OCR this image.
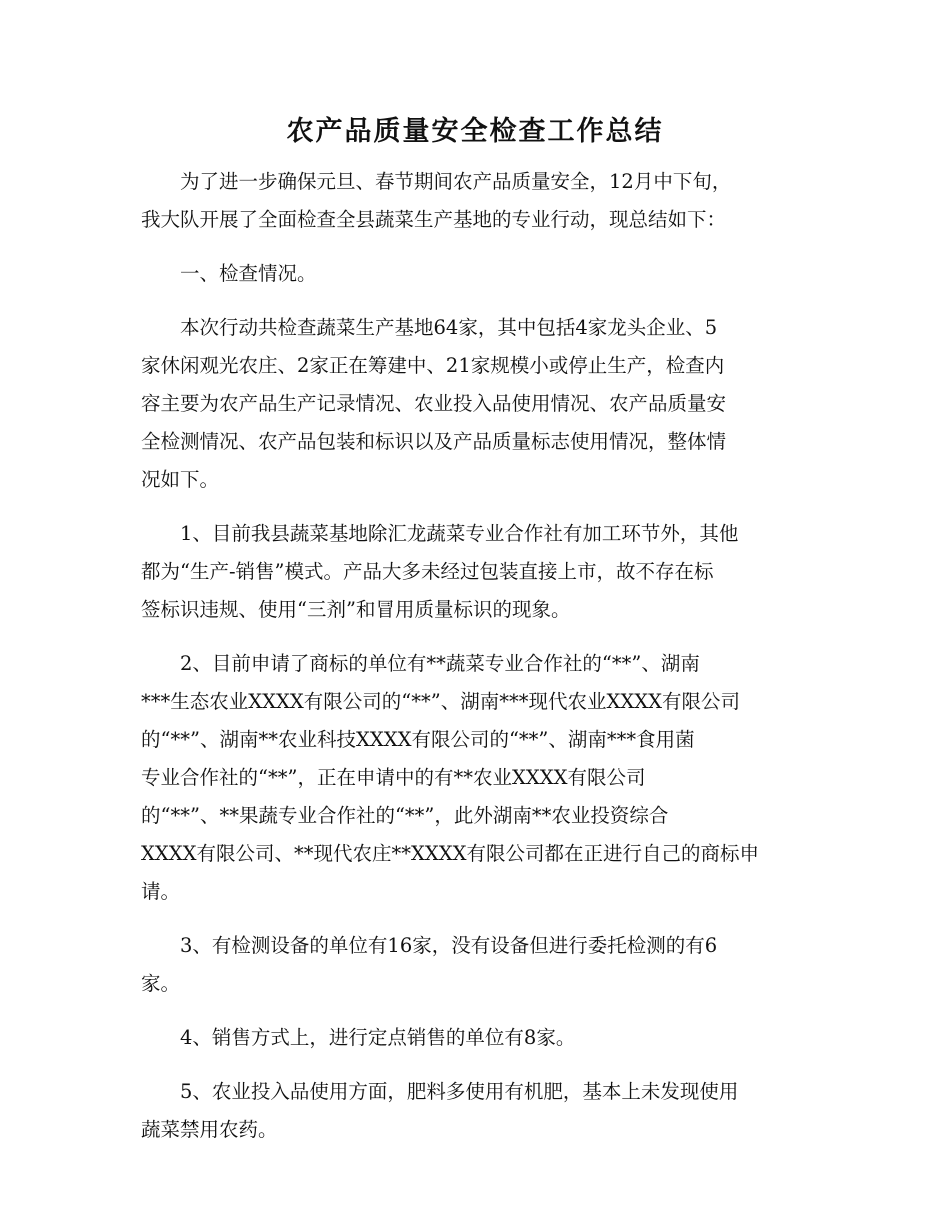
农产品质量安全检查工作总结

为了进一步确保元旦、春节期间农产品质量安全，12月中下旬，
我大队开展了全面检查全县蔬菜生产基地的专业行动，现总结如下：

一、检查情况。

本次行动共检查蔬菜生产基地64家，其中包括4家龙头企业、5
家休闲观光农庄、2家正在筹建中、21家规模小或停止生产，检查内
容主要为农产品生产记录情况、农业投入品使用情况、农产品质量安
全检测情况、农产品包装和标识以及产品质量标志使用情况，整体情
况如下。

1、目前我县蔬菜基地除汇龙蔬菜专业合作社有加工环节外，其他
都为“生产-销售”模式。产品大多未经过包装直接上市，故不存在标
签标识违规、使用“三剂”和冒用质量标识的现象。

2、目前申请了商标的单位有**蔬菜专业合作社的“**”、湖南
***生态农业XXXX有限公司的“**”、湖南***现代农业XXXX有限公司
的“**”、湖南**农业科技XXXX有限公司的“**”、湖南***食用菌
专业合作社的“**”，正在申请中的有**农业XXXX有限公司
的“**”、**果蔬专业合作社的“**”，此外湖南**农业投资综合
XXXX有限公司、**现代农庄**XXXX有限公司都在正进行自己的商标申
请。

3、有检测设备的单位有16家，没有设备但进行委托检测的有6
家。

4、销售方式上，进行定点销售的单位有8家。

5、农业投入品使用方面，肥料多使用有机肥，基本上未发现使用
蔬菜禁用农药。
